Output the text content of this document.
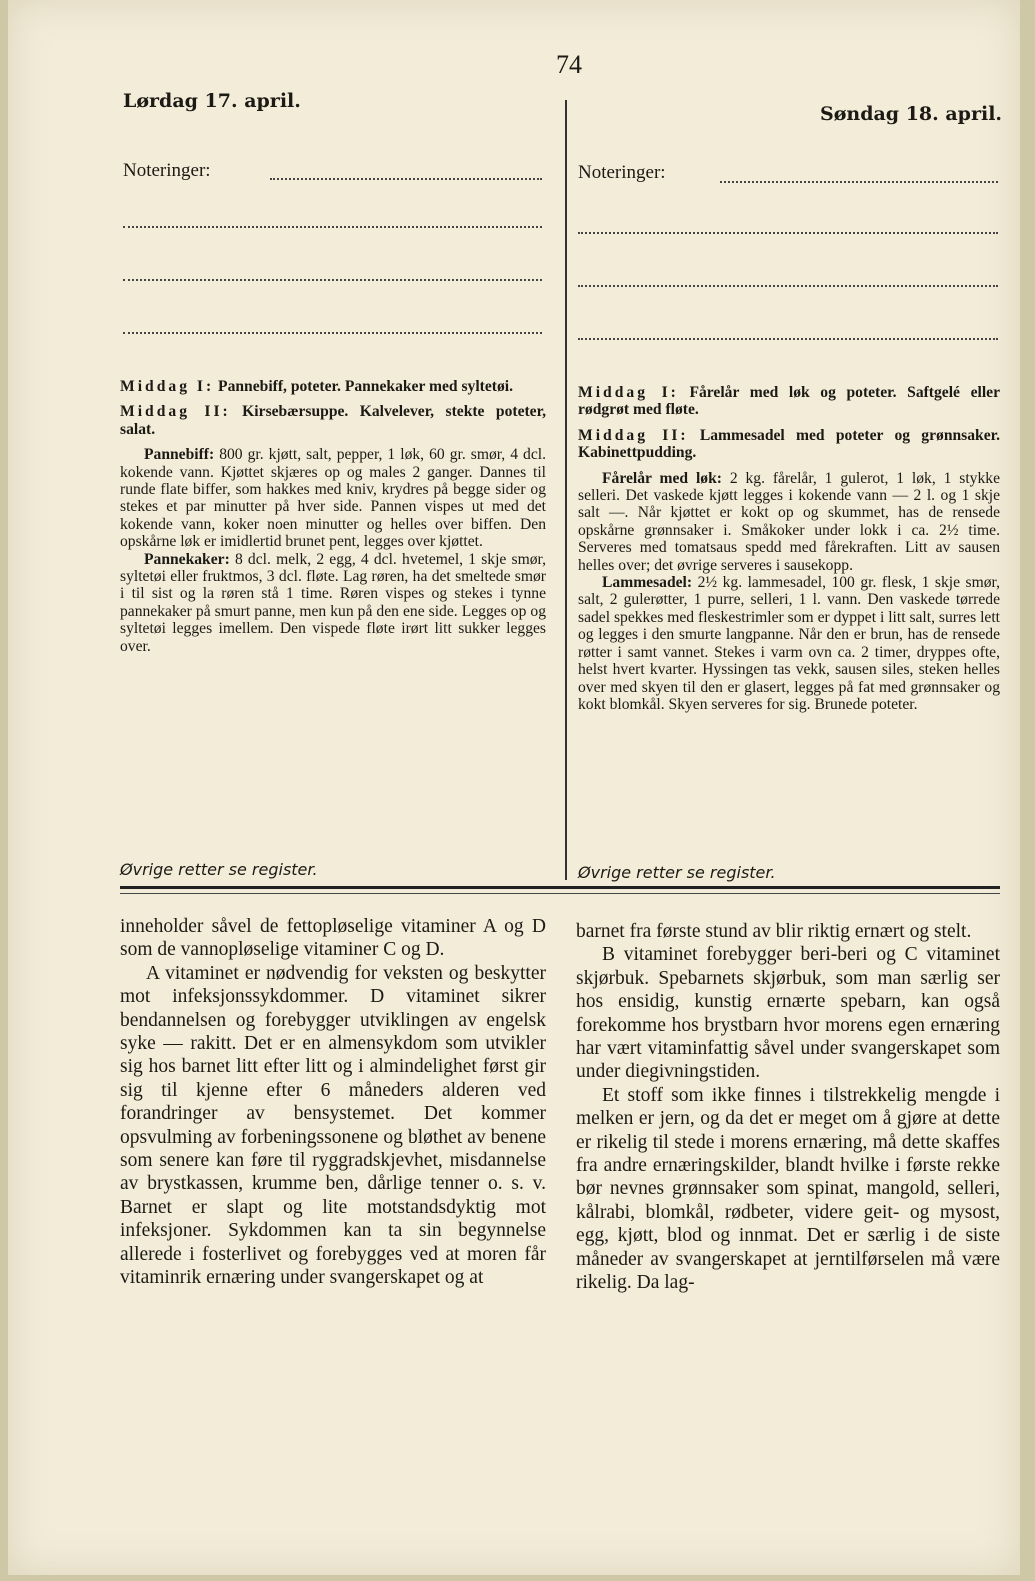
74
Lørdag 17. april.
Søndag 18. april.
Noteringer:	Noteringer:

Middag I: Pannebiff, poteter. Pannekaker med syltetøi.

Middag II: Kirsebærsuppe. Kalvelever, stekte poteter, salat.

Pannebiff: 800 gr. kjøtt, salt, pepper, 1 løk, 60 gr. smør, 4 dcl. kokende vann. Kjøttet skjæres op og males 2 ganger. Dannes til runde flate biffer, som hakkes med kniv, krydres på begge sider og stekes et par minutter på hver side. Pannen vispes ut med det kokende vann, koker noen minutter og helles over biffen. Den opskårne løk er imidlertid brunet pent, legges over kjøttet.

Pannekaker: 8 dcl. melk, 2 egg, 4 dcl. hvetemel, 1 skje smør, syltetøi eller fruktmos, 3 dcl. fløte. Lag røren, ha det smeltede smør i til sist og la røren stå 1 time. Røren vispes og stekes i tynne pannekaker på smurt panne, men kun på den ene side. Legges op og syltetøi legges imellem. Den vispede fløte irørt litt sukker legges over.

Øvrige retter se register.

Middag I: Fårelår med løk og poteter. Saftgelé eller rødgrøt med fløte.

Middag II: Lammesadel med poteter og grønnsaker. Kabinettpudding.

Fårelår med løk: 2 kg. fårelår, 1 gulerot, 1 løk, 1 stykke selleri. Det vaskede kjøtt legges i kokende vann — 2 l. og 1 skje salt —. Når kjøttet er kokt op og skummet, has de rensede opskårne grønnsaker i. Småkoker under lokk i ca. 2½ time. Serveres med tomatsaus spedd med fårekraften. Litt av sausen helles over; det øvrige serveres i sausekopp.

Lammesadel: 2½ kg. lammesadel, 100 gr. flesk, 1 skje smør, salt, 2 gulerøtter, 1 purre, selleri, 1 l. vann. Den vaskede tørrede sadel spekkes med fleskestrimler som er dyppet i litt salt, surres lett og legges i den smurte langpanne. Når den er brun, has de rensede røtter i samt vannet. Stekes i varm ovn ca. 2 timer, dryppes ofte, helst hvert kvarter. Hyssingen tas vekk, sausen siles, steken helles over med skyen til den er glasert, legges på fat med grønnsaker og kokt blomkål. Skyen serveres for sig. Brunede poteter.

Øvrige retter se register.

inneholder såvel de fettopløselige vitaminer A og D som de vannopløselige vitaminer C og D.

A vitaminet er nødvendig for veksten og beskytter mot infeksjonssykdommer. D vitaminet sikrer bendannelsen og forebygger utviklingen av engelsk syke — rakitt. Det er en almensykdom som utvikler sig hos barnet litt efter litt og i almindelighet først gir sig til kjenne efter 6 måneders alderen ved forandringer av bensystemet. Det kommer opsvulming av forbeningssonene og bløthet av benene som senere kan føre til ryggradskjevhet, misdannelse av brystkassen, krumme ben, dårlige tenner o. s. v. Barnet er slapt og lite motstandsdyktig mot infeksjoner. Sykdommen kan ta sin begynnelse allerede i fosterlivet og forebygges ved at moren får vitaminrik ernæring under svangerskapet og at

barnet fra første stund av blir riktig ernært og stelt.

B vitaminet forebygger beri-beri og C vitaminet skjørbuk. Spebarnets skjørbuk, som man særlig ser hos ensidig, kunstig ernærte spebarn, kan også forekomme hos brystbarn hvor morens egen ernæring har vært vitaminfattig såvel under svangerskapet som under diegivningstiden.

Et stoff som ikke finnes i tilstrekkelig mengde i melken er jern, og da det er meget om å gjøre at dette er rikelig til stede i morens ernæring, må dette skaffes fra andre ernæringskilder, blandt hvilke i første rekke bør nevnes grønnsaker som spinat, mangold, selleri, kålrabi, blomkål, rødbeter, videre geit- og mysost, egg, kjøtt, blod og innmat. Det er særlig i de siste måneder av svangerskapet at jerntilførselen må være rikelig. Da lag-
